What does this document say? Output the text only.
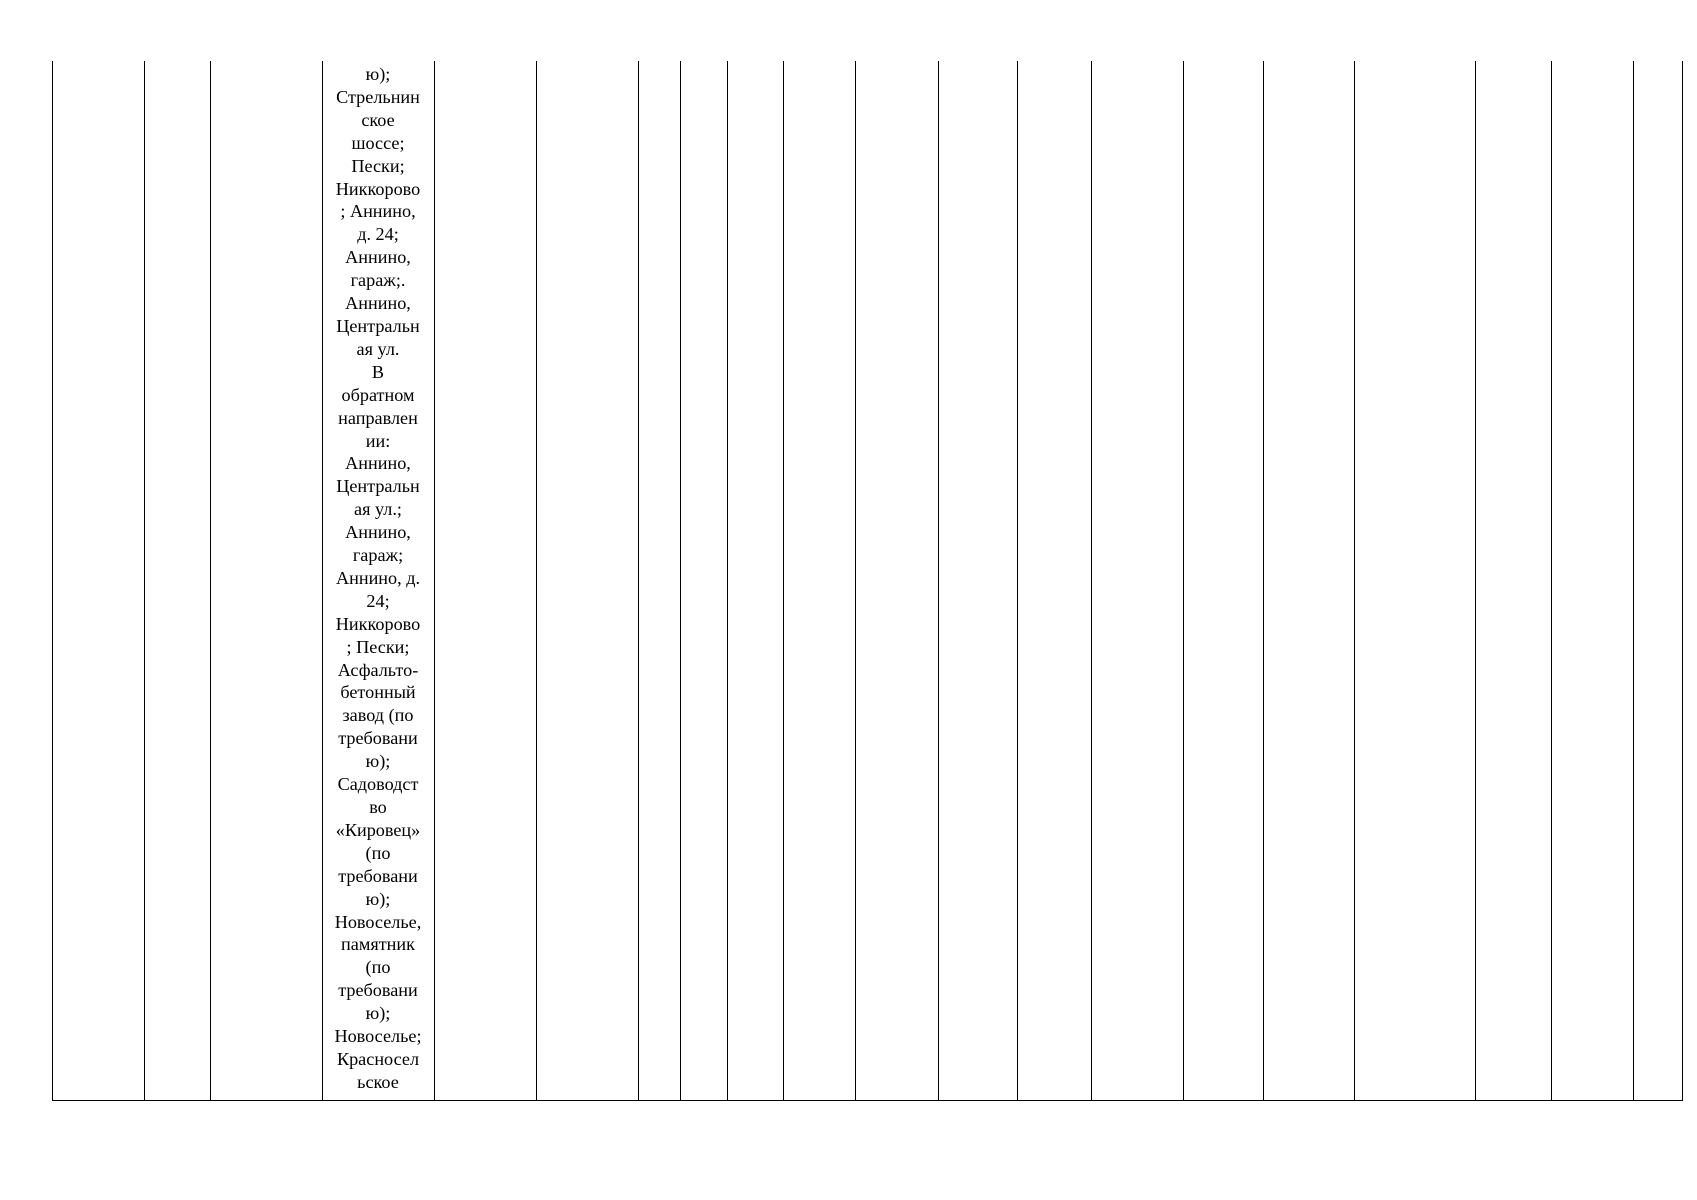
ю);
Стрельнин
ское
шоссе;
Пески;
Никкорово
; Аннино,
д. 24;
Аннино,
гараж;.
Аннино,
Центральн
ая ул.
В
обратном
направлен
ии:
Аннино,
Центральн
ая ул.;
Аннино,
гараж;
Аннино, д.
24;
Никкорово
; Пески;
Асфальто-
бетонный
завод (по
требовани
ю);
Садоводст
во
«Кировец»
(по
требовани
ю);
Новоселье,
памятник
(по
требовани
ю);
Новоселье;
Красносел
ьское
